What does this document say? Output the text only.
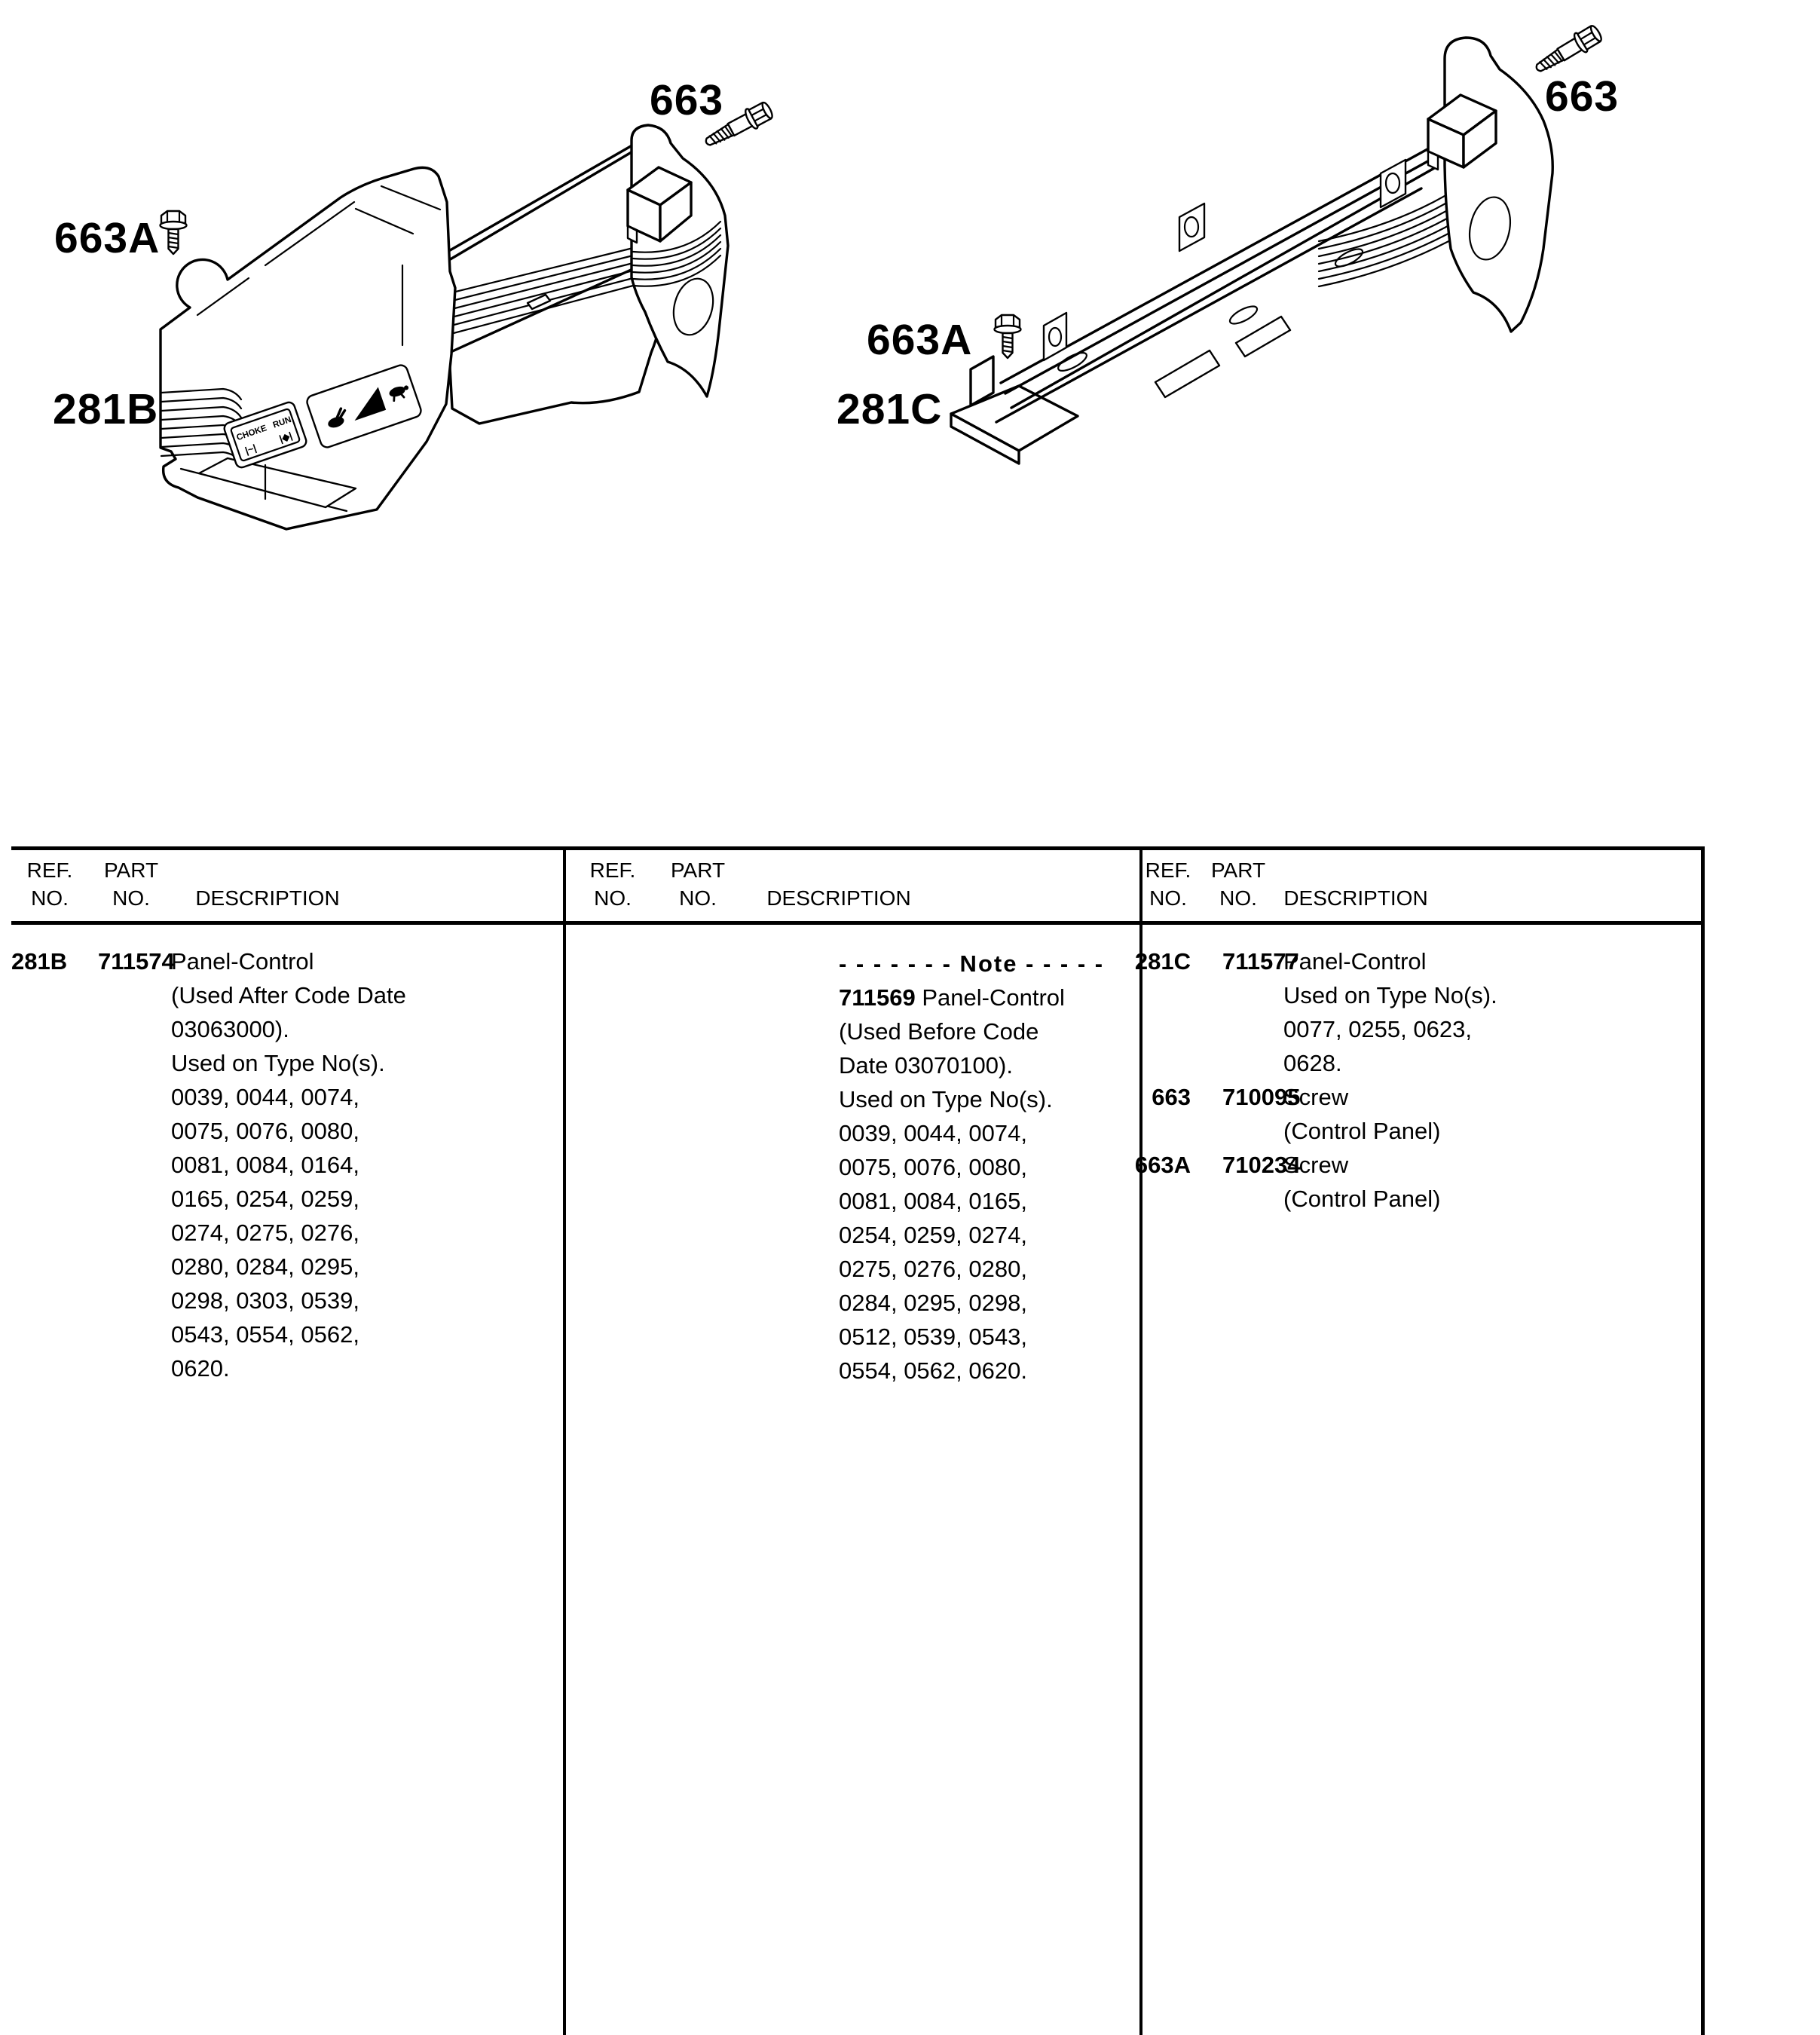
CHOKE
RUN
|~|
|◆|
663
663A
281B
663
663A
281C
REF.
NO.
PART
NO.	DESCRIPTION
REF.
NO.
PART
NO.	DESCRIPTION
REF.
NO.
PART
NO.	DESCRIPTION
281B 711574
Panel-Control
(Used After Code Date
03063000).
Used on Type No(s).
0039, 0044, 0074,
0075, 0076, 0080,
0081, 0084, 0164,
0165, 0254, 0259,
0274, 0275, 0276,
0280, 0284, 0295,
0298, 0303, 0539,
0543, 0554, 0562,
0620.
- - - - - - - Note - - - - -
711569 Panel-Control
(Used Before Code
Date 03070100).
Used on Type No(s).
0039, 0044, 0074,
0075, 0076, 0080,
0081, 0084, 0165,
0254, 0259, 0274,
0275, 0276, 0280,
0284, 0295, 0298,
0512, 0539, 0543,
0554, 0562, 0620.
281C 711577
Panel-Control
Used on Type No(s).
0077, 0255, 0623,
0628.
663 710095
Screw
(Control Panel)
663A 710234
Screw
(Control Panel)
